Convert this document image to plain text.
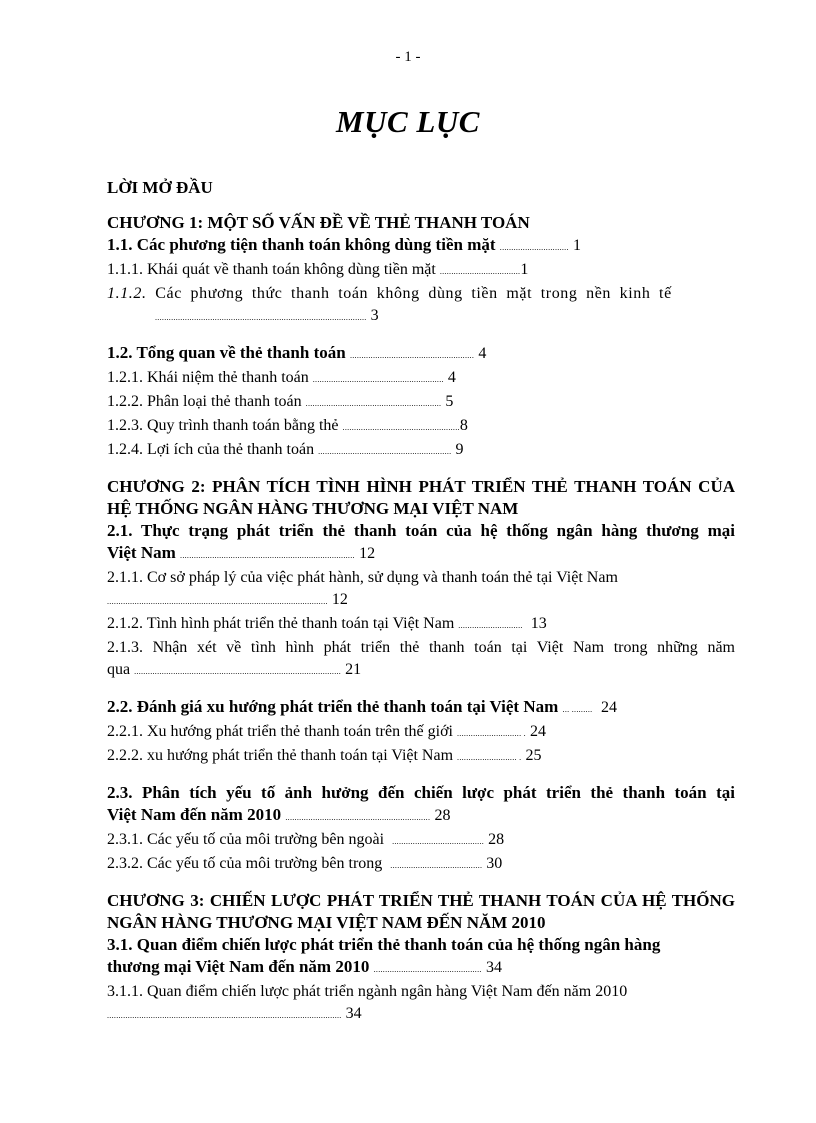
- 1 -
MỤC LỤC
LỜI MỞ ĐẦU
CHƯƠNG 1: MỘT SỐ VẤN ĐỀ VỀ THẺ THANH TOÁN
1.1. Các phương tiện thanh toán không dùng tiền mặt .............................. 1
1.1.1. Khái quát về thanh toán không dùng tiền mặt ...................................1
1.1.2. Các phương thức thanh toán không dùng tiền mặt trong nền kinh tế
............................................................................................ 3
1.2. Tổng quan về thẻ thanh toán ...................................................... 4
1.2.1. Khái niệm thẻ thanh toán ......................................................... 4
1.2.2. Phân loại thẻ thanh toán ........................................................... 5
1.2.3. Quy trình thanh toán bằng thẻ ...................................................8
1.2.4. Lợi ích của thẻ thanh toán .......................................................... 9
CHƯƠNG 2: PHÂN TÍCH TÌNH HÌNH PHÁT TRIỂN THẺ THANH TOÁN CỦA HỆ THỐNG NGÂN HÀNG THƯƠNG MẠI VIỆT NAM
2.1. Thực trạng phát triển thẻ thanh toán của hệ thống ngân hàng thương mại
Việt Nam ............................................................................ 12
2.1.1. Cơ sở pháp lý của việc phát hành, sử dụng và thanh toán thẻ tại Việt Nam
................................................................................................ 12
2.1.2. Tình hình phát triển thẻ thanh toán tại Việt Nam ............................ 13
2.1.3. Nhận xét về tình hình phát triển thẻ thanh toán tại Việt Nam trong những năm
qua .......................................................................................... 21
2.2. Đánh giá xu hướng phát triển thẻ thanh toán tại Việt Nam ... ......... 24
2.2.1. Xu hướng phát triển thẻ thanh toán trên thế giới ............................ . 24
2.2.2. xu hướng phát triển thẻ thanh toán tại Việt Nam .......................... . 25
2.3. Phân tích yếu tố ảnh hưởng đến chiến lược phát triển thẻ thanh toán tại
Việt Nam đến năm 2010 ............................................................... 28
2.3.1. Các yếu tố của môi trường bên ngoài ........................................ 28
2.3.2. Các yếu tố của môi trường bên trong ........................................ 30
CHƯƠNG 3: CHIẾN LƯỢC PHÁT TRIỂN THẺ THANH TOÁN CỦA HỆ THỐNG NGÂN HÀNG THƯƠNG MẠI VIỆT NAM ĐẾN NĂM 2010
3.1. Quan điểm chiến lược phát triển thẻ thanh toán của hệ thống ngân hàng
thương mại Việt Nam đến năm 2010 ............................................... 34
3.1.1. Quan điểm chiến lược phát triển ngành ngân hàng Việt Nam đến năm 2010
...................................................................................................... 34
